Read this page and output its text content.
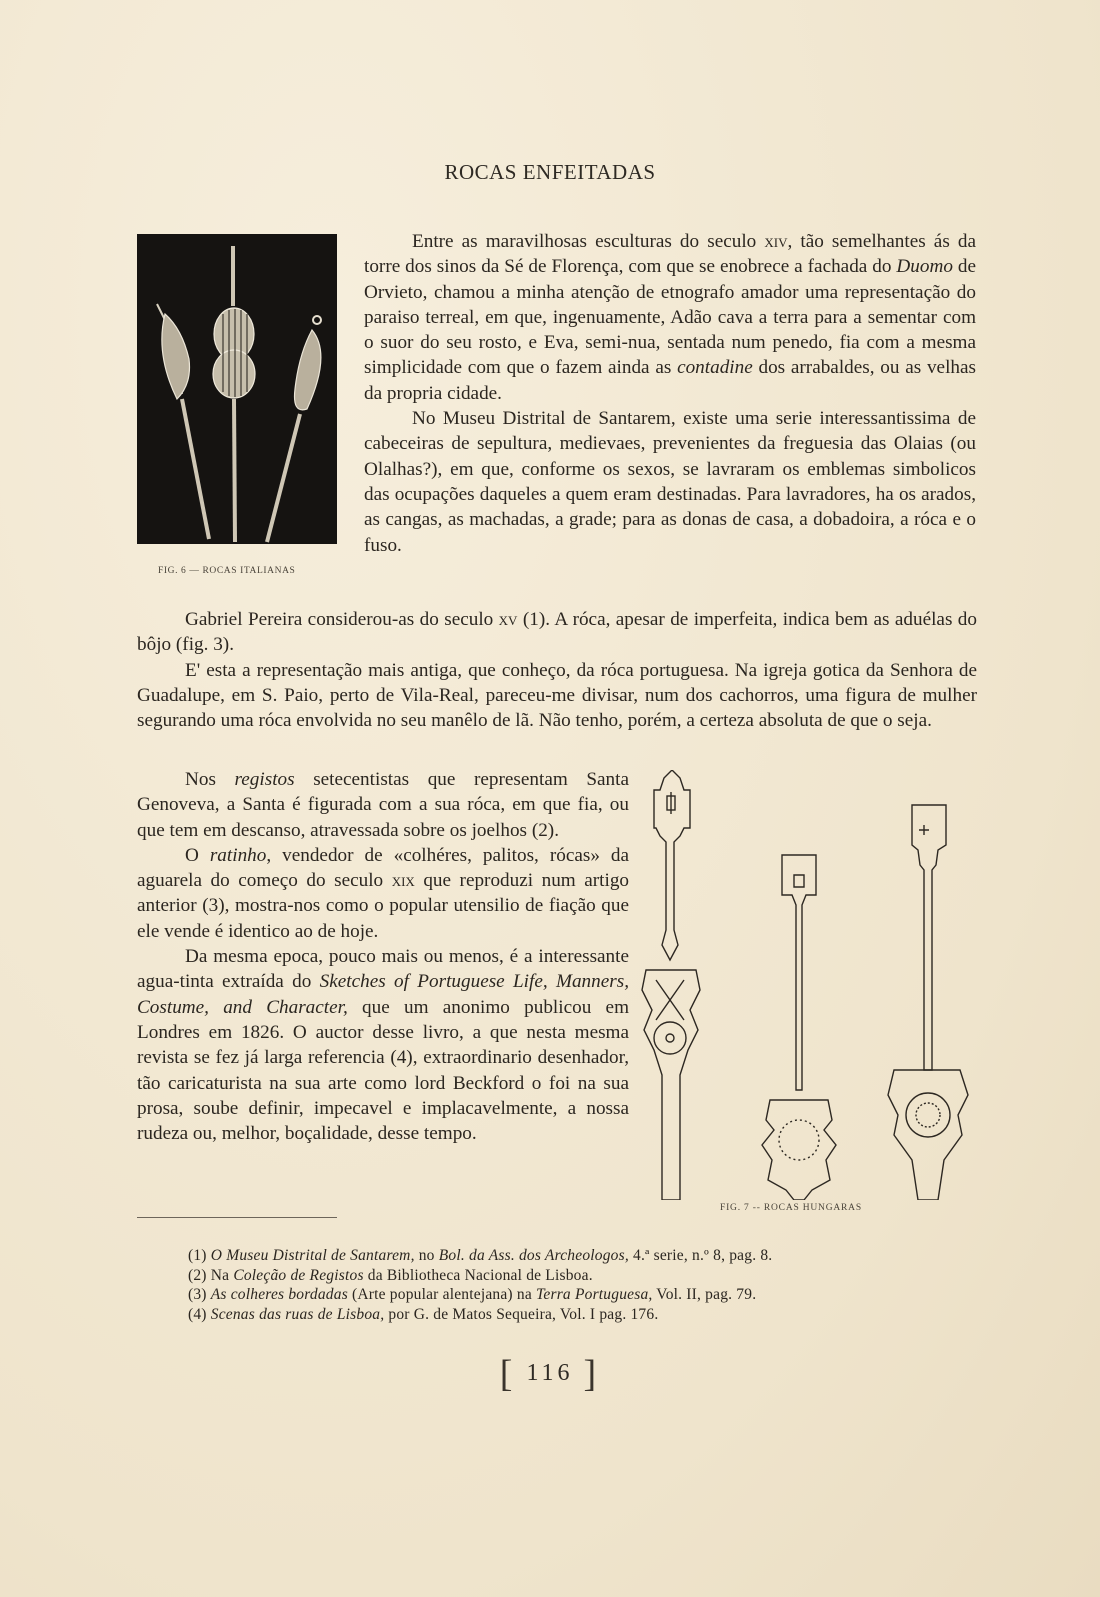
ROCAS ENFEITADAS
FIG. 6 — ROCAS ITALIANAS

Entre as maravilhosas esculturas do seculo xiv, tão semelhantes ás da torre dos sinos da Sé de Florença, com que se enobrece a fachada do Duomo de Orvieto, chamou a minha atenção de etnografo amador uma representação do paraiso terreal, em que, ingenuamente, Adão cava a terra para a sementar com o suor do seu rosto, e Eva, semi-nua, sentada num penedo, fia com a mesma simplicidade com que o fazem ainda as contadine dos arrabaldes, ou as velhas da propria cidade.

No Museu Distrital de Santarem, existe uma serie interessantissima de cabeceiras de sepultura, medievaes, prevenientes da freguesia das Olaias (ou Olalhas?), em que, conforme os sexos, se lavraram os emblemas simbolicos das ocupações daqueles a quem eram destinadas. Para lavradores, ha os arados, as cangas, as machadas, a grade; para as donas de casa, a dobadoira, a róca e o fuso.

Gabriel Pereira considerou-as do seculo xv (1). A róca, apesar de imperfeita, indica bem as aduélas do bôjo (fig. 3).

E' esta a representação mais antiga, que conheço, da róca portuguesa. Na igreja gotica da Senhora de Guadalupe, em S. Paio, perto de Vila-Real, pareceu-me divisar, num dos cachorros, uma figura de mulher segurando uma róca envolvida no seu manêlo de lã. Não tenho, porém, a certeza absoluta de que o seja.

Nos registos setecentistas que representam Santa Genoveva, a Santa é figurada com a sua róca, em que fia, ou que tem em descanso, atravessada sobre os joelhos (2).

O ratinho, vendedor de «colhéres, palitos, rócas» da aguarela do começo do seculo xix que reproduzi num artigo anterior (3), mostra-nos como o popular utensilio de fiação que ele vende é identico ao de hoje.

Da mesma epoca, pouco mais ou menos, é a interessante agua-tinta extraída do Sketches of Portuguese Life, Manners, Costume, and Character, que um anonimo publicou em Londres em 1826. O auctor desse livro, a que nesta mesma revista se fez já larga referencia (4), extraordinario desenhador, tão caricaturista na sua arte como lord Beckford o foi na sua prosa, soube definir, impecavel e implacavelmente, a nossa rudeza ou, melhor, boçalidade, desse tempo.

FIG. 7 -- ROCAS HUNGARAS

(1) O Museu Distrital de Santarem, no Bol. da Ass. dos Archeologos, 4.ª serie, n.º 8, pag. 8.

(2) Na Coleção de Registos da Bibliotheca Nacional de Lisboa.

(3) As colheres bordadas (Arte popular alentejana) na Terra Portuguesa, Vol. II, pag. 79.

(4) Scenas das ruas de Lisboa, por G. de Matos Sequeira, Vol. I pag. 176.

[ 116 ]
